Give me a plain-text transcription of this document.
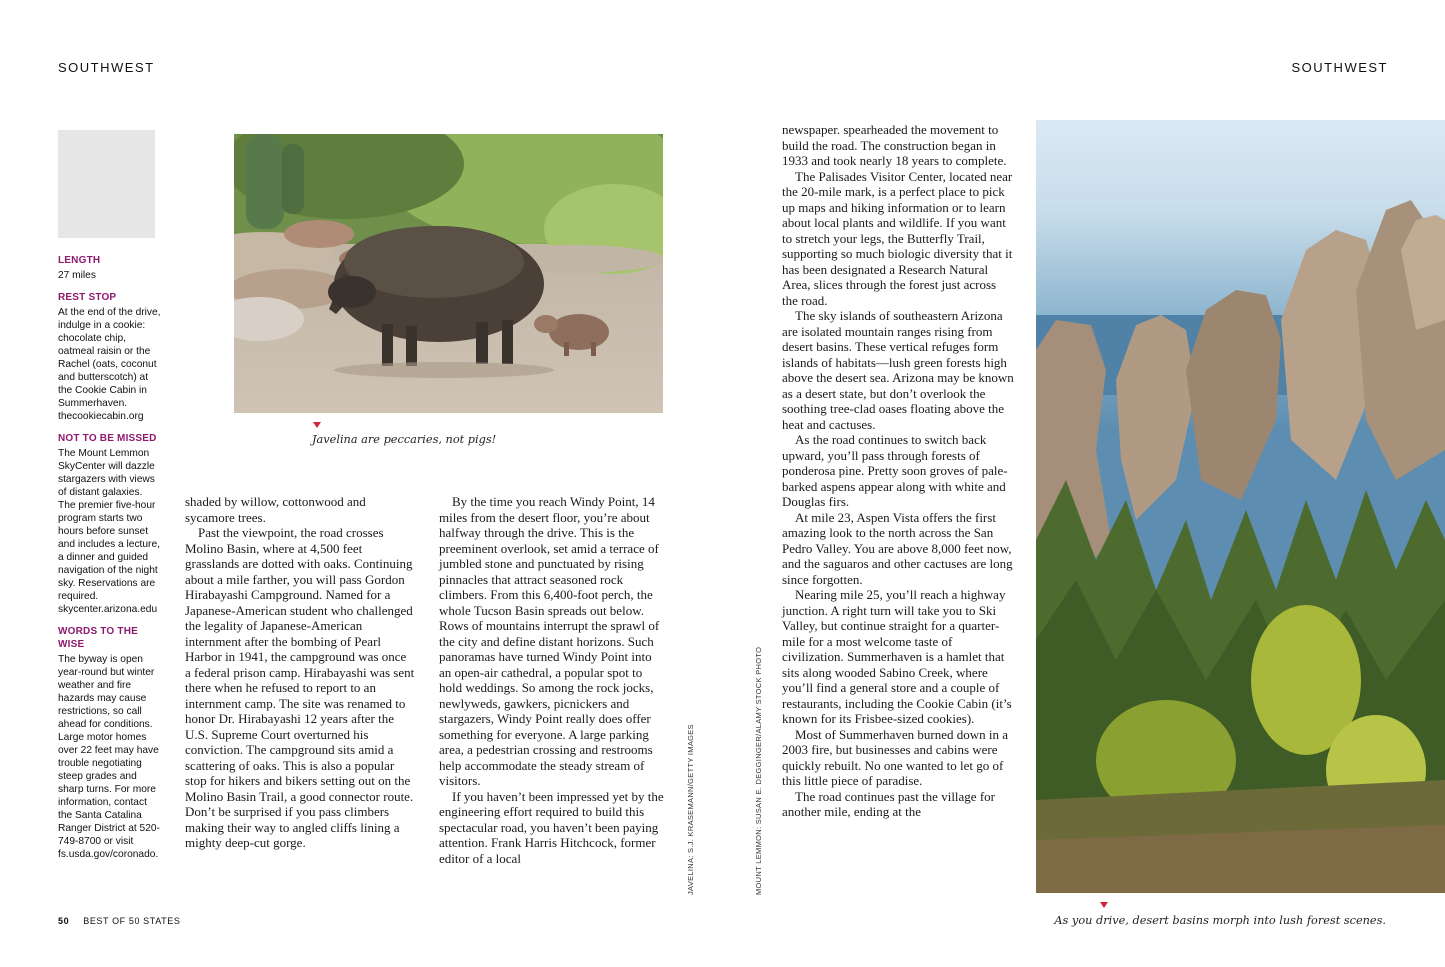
SOUTHWEST	SOUTHWEST
LENGTH

27 miles

REST STOP

At the end of the drive, indulge in a cookie: chocolate chip, oatmeal raisin or the Rachel (oats, coconut and butterscotch) at the Cookie Cabin in Summerhaven. thecookiecabin.org

NOT TO BE MISSED

The Mount Lemmon SkyCenter will dazzle stargazers with views of distant galaxies. The premier five-hour program starts two hours before sunset and includes a lecture, a dinner and guided navigation of the night sky. Reservations are required. skycenter.arizona.edu

WORDS TO THE WISE

The byway is open year-round but winter weather and fire hazards may cause restrictions, so call ahead for conditions. Large motor homes over 22 feet may have trouble negotiating steep grades and sharp turns. For more information, contact the Santa Catalina Ranger District at 520-749-8700 or visit fs.usda.gov/coronado.

Javelina are peccaries, not pigs!
As you drive, desert basins morph into lush forest scenes.

shaded by willow, cottonwood and sycamore trees.

Past the viewpoint, the road crosses Molino Basin, where at 4,500 feet grasslands are dotted with oaks. Continuing about a mile farther, you will pass Gordon Hirabayashi Campground. Named for a Japanese-American student who challenged the legality of Japanese-American internment after the bombing of Pearl Harbor in 1941, the campground was once a federal prison camp. Hirabayashi was sent there when he refused to report to an internment camp. The site was renamed to honor Dr. Hirabayashi 12 years after the U.S. Supreme Court overturned his conviction. The campground sits amid a scattering of oaks. This is also a popular stop for hikers and bikers setting out on the Molino Basin Trail, a good connector route. Don’t be surprised if you pass climbers making their way to angled cliffs lining a mighty deep-cut gorge.

By the time you reach Windy Point, 14 miles from the desert floor, you’re about halfway through the drive. This is the preeminent overlook, set amid a terrace of jumbled stone and punctuated by rising pinnacles that attract seasoned rock climbers. From this 6,400-foot perch, the whole Tucson Basin spreads out below. Rows of mountains interrupt the sprawl of the city and define distant horizons. Such panoramas have turned Windy Point into an open-air cathedral, a popular spot to hold weddings. So among the rock jocks, newlyweds, gawkers, picnickers and stargazers, Windy Point really does offer something for everyone. A large parking area, a pedestrian crossing and restrooms help accommodate the steady stream of visitors.

If you haven’t been impressed yet by the engineering effort required to build this spectacular road, you haven’t been paying attention. Frank Harris Hitchcock, former editor of a local

newspaper. spearheaded the movement to build the road. The construction began in 1933 and took nearly 18 years to complete.

The Palisades Visitor Center, located near the 20-mile mark, is a perfect place to pick up maps and hiking information or to learn about local plants and wildlife. If you want to stretch your legs, the Butterfly Trail, supporting so much biologic diversity that it has been designated a Research Natural Area, slices through the forest just across the road.

The sky islands of southeastern Arizona are isolated mountain ranges rising from desert basins. These vertical refuges form islands of habitats—lush green forests high above the desert sea. Arizona may be known as a desert state, but don’t overlook the soothing tree-clad oases floating above the heat and cactuses.

As the road continues to switch back upward, you’ll pass through forests of ponderosa pine. Pretty soon groves of pale-barked aspens appear along with white and Douglas firs.

At mile 23, Aspen Vista offers the first amazing look to the north across the San Pedro Valley. You are above 8,000 feet now, and the saguaros and other cactuses are long since forgotten.

Nearing mile 25, you’ll reach a highway junction. A right turn will take you to Ski Valley, but continue straight for a quarter-mile for a most welcome taste of civilization. Summerhaven is a hamlet that sits along wooded Sabino Creek, where you’ll find a general store and a couple of restaurants, including the Cookie Cabin (it’s known for its Frisbee-sized cookies).

Most of Summerhaven burned down in a 2003 fire, but businesses and cabins were quickly rebuilt. No one wanted to let go of this little piece of paradise.

The road continues past the village for another mile, ending at the

JAVELINA: S.J. KRASEMANN/GETTY IMAGES	MOUNT LEMMON: SUSAN E. DEGGINGER/ALAMY STOCK PHOTO
50 BEST OF 50 STATES
